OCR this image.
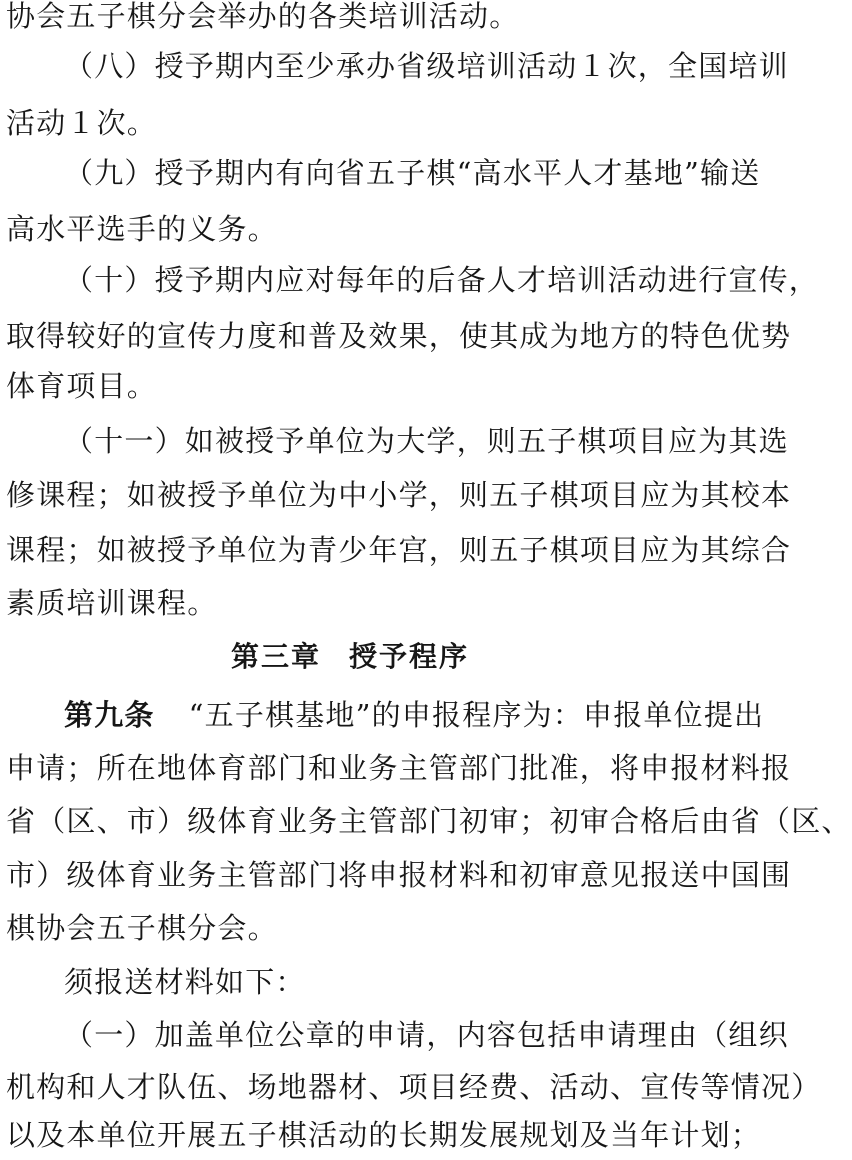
协会五子棋分会举办的各类培训活动。
（八）授予期内至少承办省级培训活动１次，全国培训
活动１次。
（九）授予期内有向省五子棋“高水平人才基地”输送
高水平选手的义务。
（十）授予期内应对每年的后备人才培训活动进行宣传，
取得较好的宣传力度和普及效果，使其成为地方的特色优势
体育项目。
（十一）如被授予单位为大学，则五子棋项目应为其选
修课程；如被授予单位为中小学，则五子棋项目应为其校本
课程；如被授予单位为青少年宫，则五子棋项目应为其综合
素质培训课程。
第三章 授予程序
第九条 “五子棋基地”的申报程序为：申报单位提出
申请；所在地体育部门和业务主管部门批准，将申报材料报
省（区、市）级体育业务主管部门初审；初审合格后由省（区、
市）级体育业务主管部门将申报材料和初审意见报送中国围
棋协会五子棋分会。
须报送材料如下：
（一）加盖单位公章的申请，内容包括申请理由（组织
机构和人才队伍、场地器材、项目经费、活动、宣传等情况）
以及本单位开展五子棋活动的长期发展规划及当年计划；
